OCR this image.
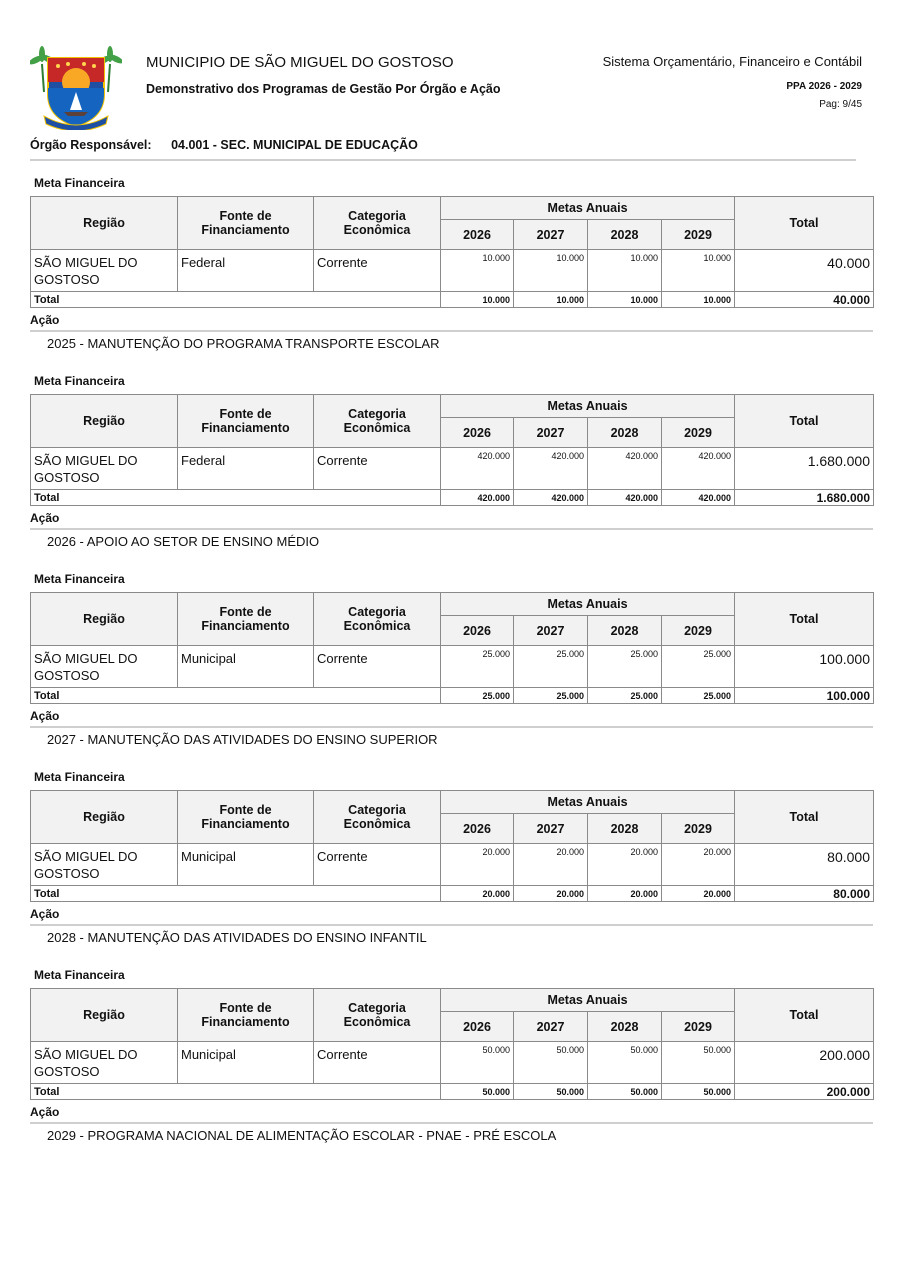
MUNICIPIO DE SÃO MIGUEL DO GOSTOSO
Demonstrativo dos Programas de Gestão Por Órgão e Ação
Sistema Orçamentário, Financeiro e Contábil
PPA 2026 - 2029
Pag: 9/45
Órgão Responsável: 04.001 - SEC. MUNICIPAL DE EDUCAÇÃO
Meta Financeira
Região	Fonte de Financiamento	Categoria Econômica	Metas Anuais				Total
			2026	2027	2028	2029	
SÃO MIGUEL DO GOSTOSO	Federal	Corrente	10.000	10.000	10.000	10.000	40.000
Total			10.000	10.000	10.000	10.000	40.000
Ação
2025 - MANUTENÇÃO DO PROGRAMA TRANSPORTE ESCOLAR
Meta Financeira
Região	Fonte de Financiamento	Categoria Econômica	Metas Anuais				Total
			2026	2027	2028	2029	
SÃO MIGUEL DO GOSTOSO	Federal	Corrente	420.000	420.000	420.000	420.000	1.680.000
Total			420.000	420.000	420.000	420.000	1.680.000
Ação
2026 - APOIO AO SETOR DE ENSINO MÉDIO
Meta Financeira
Região	Fonte de Financiamento	Categoria Econômica	Metas Anuais				Total
			2026	2027	2028	2029	
SÃO MIGUEL DO GOSTOSO	Municipal	Corrente	25.000	25.000	25.000	25.000	100.000
Total			25.000	25.000	25.000	25.000	100.000
Ação
2027 - MANUTENÇÃO DAS ATIVIDADES DO ENSINO SUPERIOR
Meta Financeira
Região	Fonte de Financiamento	Categoria Econômica	Metas Anuais				Total
			2026	2027	2028	2029	
SÃO MIGUEL DO GOSTOSO	Municipal	Corrente	20.000	20.000	20.000	20.000	80.000
Total			20.000	20.000	20.000	20.000	80.000
Ação
2028 - MANUTENÇÃO DAS ATIVIDADES DO ENSINO INFANTIL
Meta Financeira
Região	Fonte de Financiamento	Categoria Econômica	Metas Anuais				Total
			2026	2027	2028	2029	
SÃO MIGUEL DO GOSTOSO	Municipal	Corrente	50.000	50.000	50.000	50.000	200.000
Total			50.000	50.000	50.000	50.000	200.000
Ação
2029 - PROGRAMA NACIONAL DE ALIMENTAÇÃO ESCOLAR - PNAE - PRÉ ESCOLA
